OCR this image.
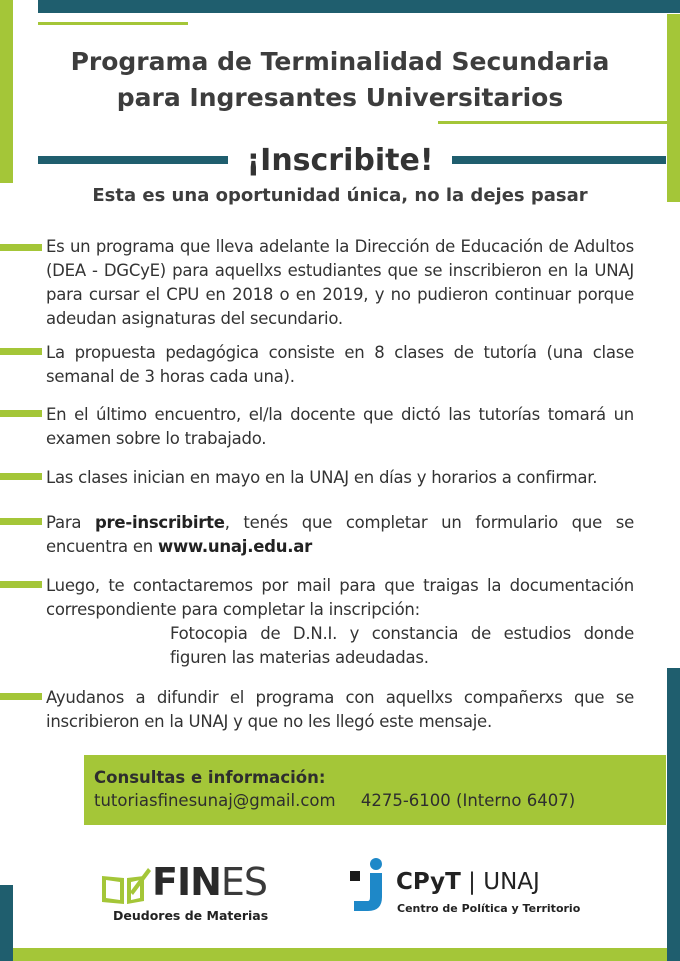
Programa de Terminalidad Secundaria
para Ingresantes Universitarios
¡Inscribite!
Esta es una oportunidad única, no la dejes pasar
Es un programa que lleva adelante la Dirección de Educación de Adultos (DEA - DGCyE) para aquellxs estudiantes que se inscribieron en la UNAJ para cursar el CPU en 2018 o en 2019, y no pudieron continuar porque adeudan asignaturas del secundario.
La propuesta pedagógica consiste en 8 clases de tutoría (una clase semanal de 3 horas cada una).
En el último encuentro, el/la docente que dictó las tutorías tomará un examen sobre lo trabajado.
Las clases inician en mayo en la UNAJ en días y horarios a confirmar.
Para pre-inscribirte, tenés que completar un formulario que se encuentra en www.unaj.edu.ar
Luego, te contactaremos por mail para que traigas la documentación correspondiente para completar la inscripción:
Fotocopia de D.N.I. y constancia de estudios donde figuren las materias adeudadas.
Ayudanos a difundir el programa con aquellxs compañerxs que se inscribieron en la UNAJ y que no les llegó este mensaje.
Consultas e información:
tutoriasfinesunaj@gmail.com 4275-6100 (Interno 6407)
FINES
Deudores de Materias
CPyT | UNAJ
Centro de Política y Territorio
